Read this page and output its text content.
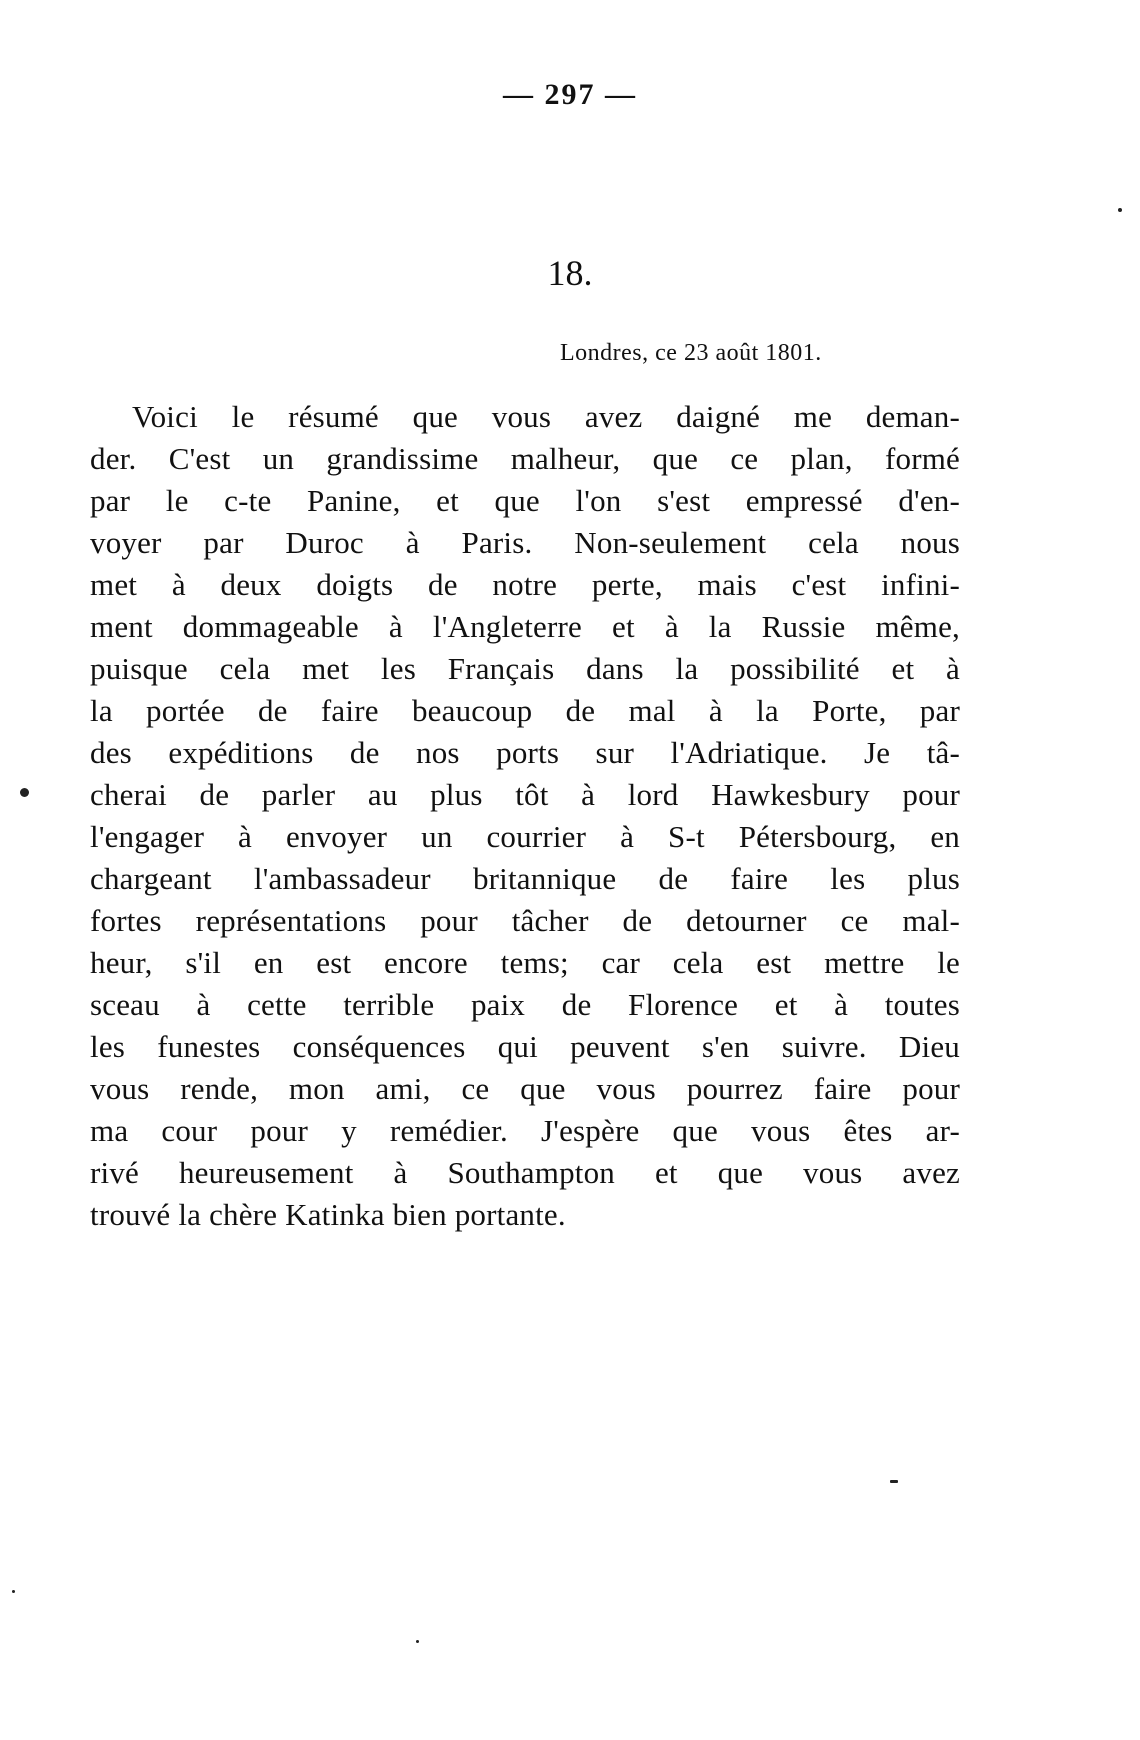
— 297 —
18.
Londres, ce 23 août 1801.
Voici le résumé que vous avez daigné me deman-
der. C'est un grandissime malheur, que ce plan, formé
par le c-te Panine, et que l'on s'est empressé d'en-
voyer par Duroc à Paris. Non-seulement cela nous
met à deux doigts de notre perte, mais c'est infini-
ment dommageable à l'Angleterre et à la Russie même,
puisque cela met les Français dans la possibilité et à
la portée de faire beaucoup de mal à la Porte, par
des expéditions de nos ports sur l'Adriatique. Je tâ-
cherai de parler au plus tôt à lord Hawkesbury pour
l'engager à envoyer un courrier à S-t Pétersbourg, en
chargeant l'ambassadeur britannique de faire les plus
fortes représentations pour tâcher de detourner ce mal-
heur, s'il en est encore tems; car cela est mettre le
sceau à cette terrible paix de Florence et à toutes
les funestes conséquences qui peuvent s'en suivre. Dieu
vous rende, mon ami, ce que vous pourrez faire pour
ma cour pour y remédier. J'espère que vous êtes ar-
rivé heureusement à Southampton et que vous avez
trouvé la chère Katinka bien portante.
